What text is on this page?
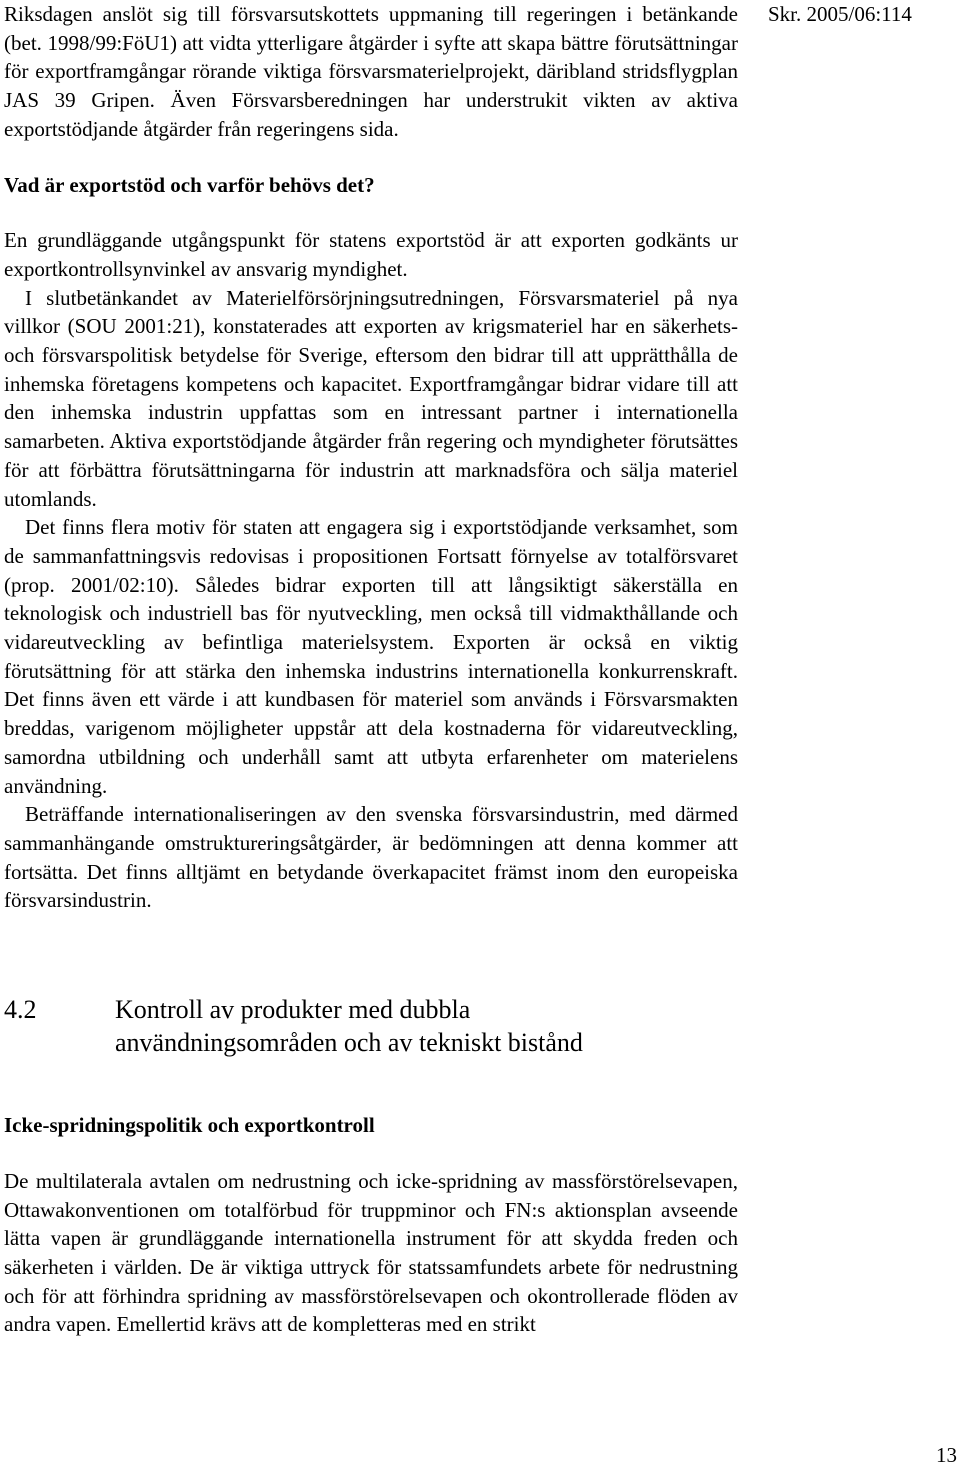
Skr. 2005/06:114

Riksdagen anslöt sig till försvarsutskottets uppmaning till regeringen i betänkande (bet. 1998/99:FöU1) att vidta ytterligare åtgärder i syfte att skapa bättre förutsättningar för exportframgångar rörande viktiga försvarsmaterielprojekt, däribland stridsflygplan JAS 39 Gripen. Även Försvarsberedningen har understrukit vikten av aktiva exportstödjande åtgärder från regeringens sida.

Vad är exportstöd och varför behövs det?

En grundläggande utgångspunkt för statens exportstöd är att exporten godkänts ur exportkontrollsynvinkel av ansvarig myndighet.

I slutbetänkandet av Materielförsörjningsutredningen, Försvarsmateriel på nya villkor (SOU 2001:21), konstaterades att exporten av krigsmateriel har en säkerhets- och försvarspolitisk betydelse för Sverige, eftersom den bidrar till att upprätthålla de inhemska företagens kompetens och kapacitet. Exportframgångar bidrar vidare till att den inhemska industrin uppfattas som en intressant partner i internationella samarbeten. Aktiva exportstödjande åtgärder från regering och myndigheter förutsättes för att förbättra förutsättningarna för industrin att marknadsföra och sälja materiel utomlands.

Det finns flera motiv för staten att engagera sig i exportstödjande verksamhet, som de sammanfattningsvis redovisas i propositionen Fortsatt förnyelse av totalförsvaret (prop. 2001/02:10). Således bidrar exporten till att långsiktigt säkerställa en teknologisk och industriell bas för nyutveckling, men också till vidmakthållande och vidareutveckling av befintliga materielsystem. Exporten är också en viktig förutsättning för att stärka den inhemska industrins internationella konkurrenskraft. Det finns även ett värde i att kundbasen för materiel som används i Försvarsmakten breddas, varigenom möjligheter uppstår att dela kostnaderna för vidareutveckling, samordna utbildning och underhåll samt att utbyta erfarenheter om materielens användning.

Beträffande internationaliseringen av den svenska försvarsindustrin, med därmed sammanhängande omstruktureringsåtgärder, är bedömningen att denna kommer att fortsätta. Det finns alltjämt en betydande överkapacitet främst inom den europeiska försvarsindustrin.

4.2	Kontroll av produkter med dubbla användningsområden och av tekniskt bistånd
Icke-spridningspolitik och exportkontroll

De multilaterala avtalen om nedrustning och icke-spridning av massförstörelsevapen, Ottawakonventionen om totalförbud för truppminor och FN:s aktionsplan avseende lätta vapen är grundläggande internationella instrument för att skydda freden och säkerheten i världen. De är viktiga uttryck för statssamfundets arbete för nedrustning och för att förhindra spridning av massförstörelsevapen och okontrollerade flöden av andra vapen. Emellertid krävs att de kompletteras med en strikt

13
